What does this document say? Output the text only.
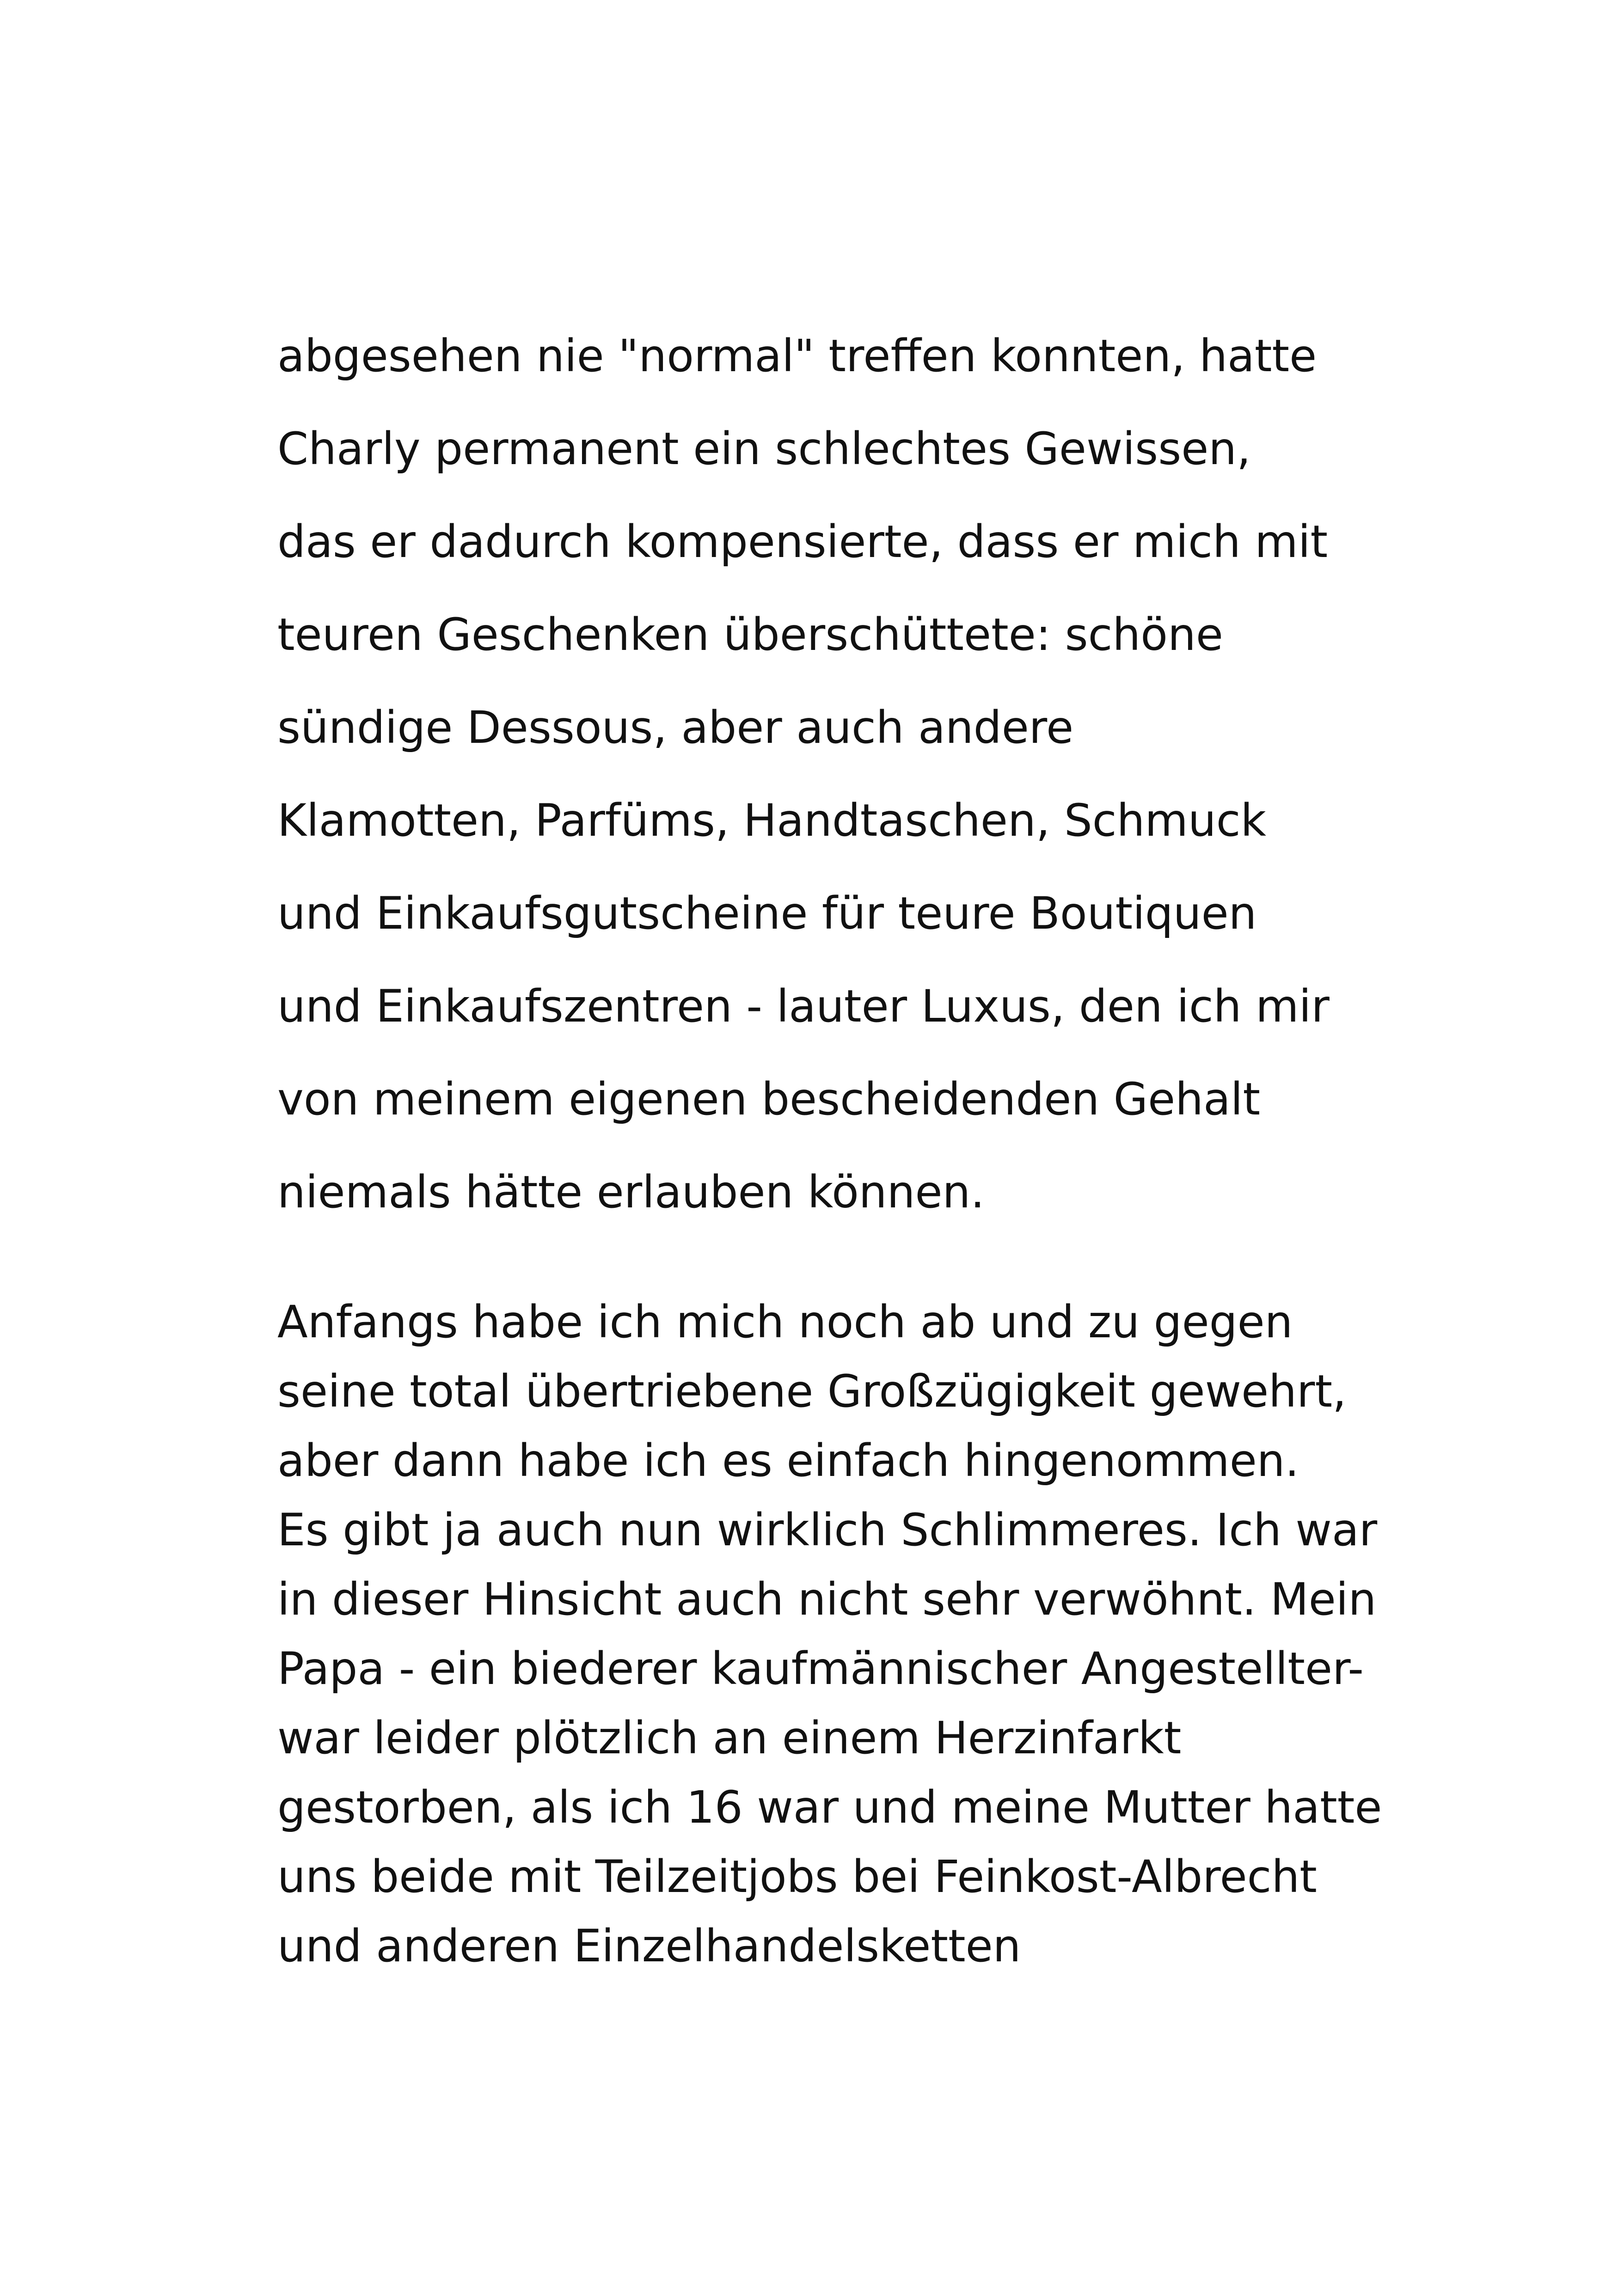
abgesehen nie "normal" treffen konnten, hatte
Charly permanent ein schlechtes Gewissen,
das er dadurch kompensierte, dass er mich mit
teuren Geschenken überschüttete: schöne
sündige Dessous, aber auch andere
Klamotten, Parfüms, Handtaschen, Schmuck
und Einkaufsgutscheine für teure Boutiquen
und Einkaufszentren - lauter Luxus, den ich mir
von meinem eigenen bescheidenden Gehalt
niemals hätte erlauben können.
Anfangs habe ich mich noch ab und zu gegen
seine total übertriebene Großzügigkeit gewehrt,
aber dann habe ich es einfach hingenommen.
Es gibt ja auch nun wirklich Schlimmeres. Ich war
in dieser Hinsicht auch nicht sehr verwöhnt. Mein
Papa - ein biederer kaufmännischer Angestellter-
war leider plötzlich an einem Herzinfarkt
gestorben, als ich 16 war und meine Mutter hatte
uns beide mit Teilzeitjobs bei Feinkost-Albrecht
und anderen Einzelhandelsketten
